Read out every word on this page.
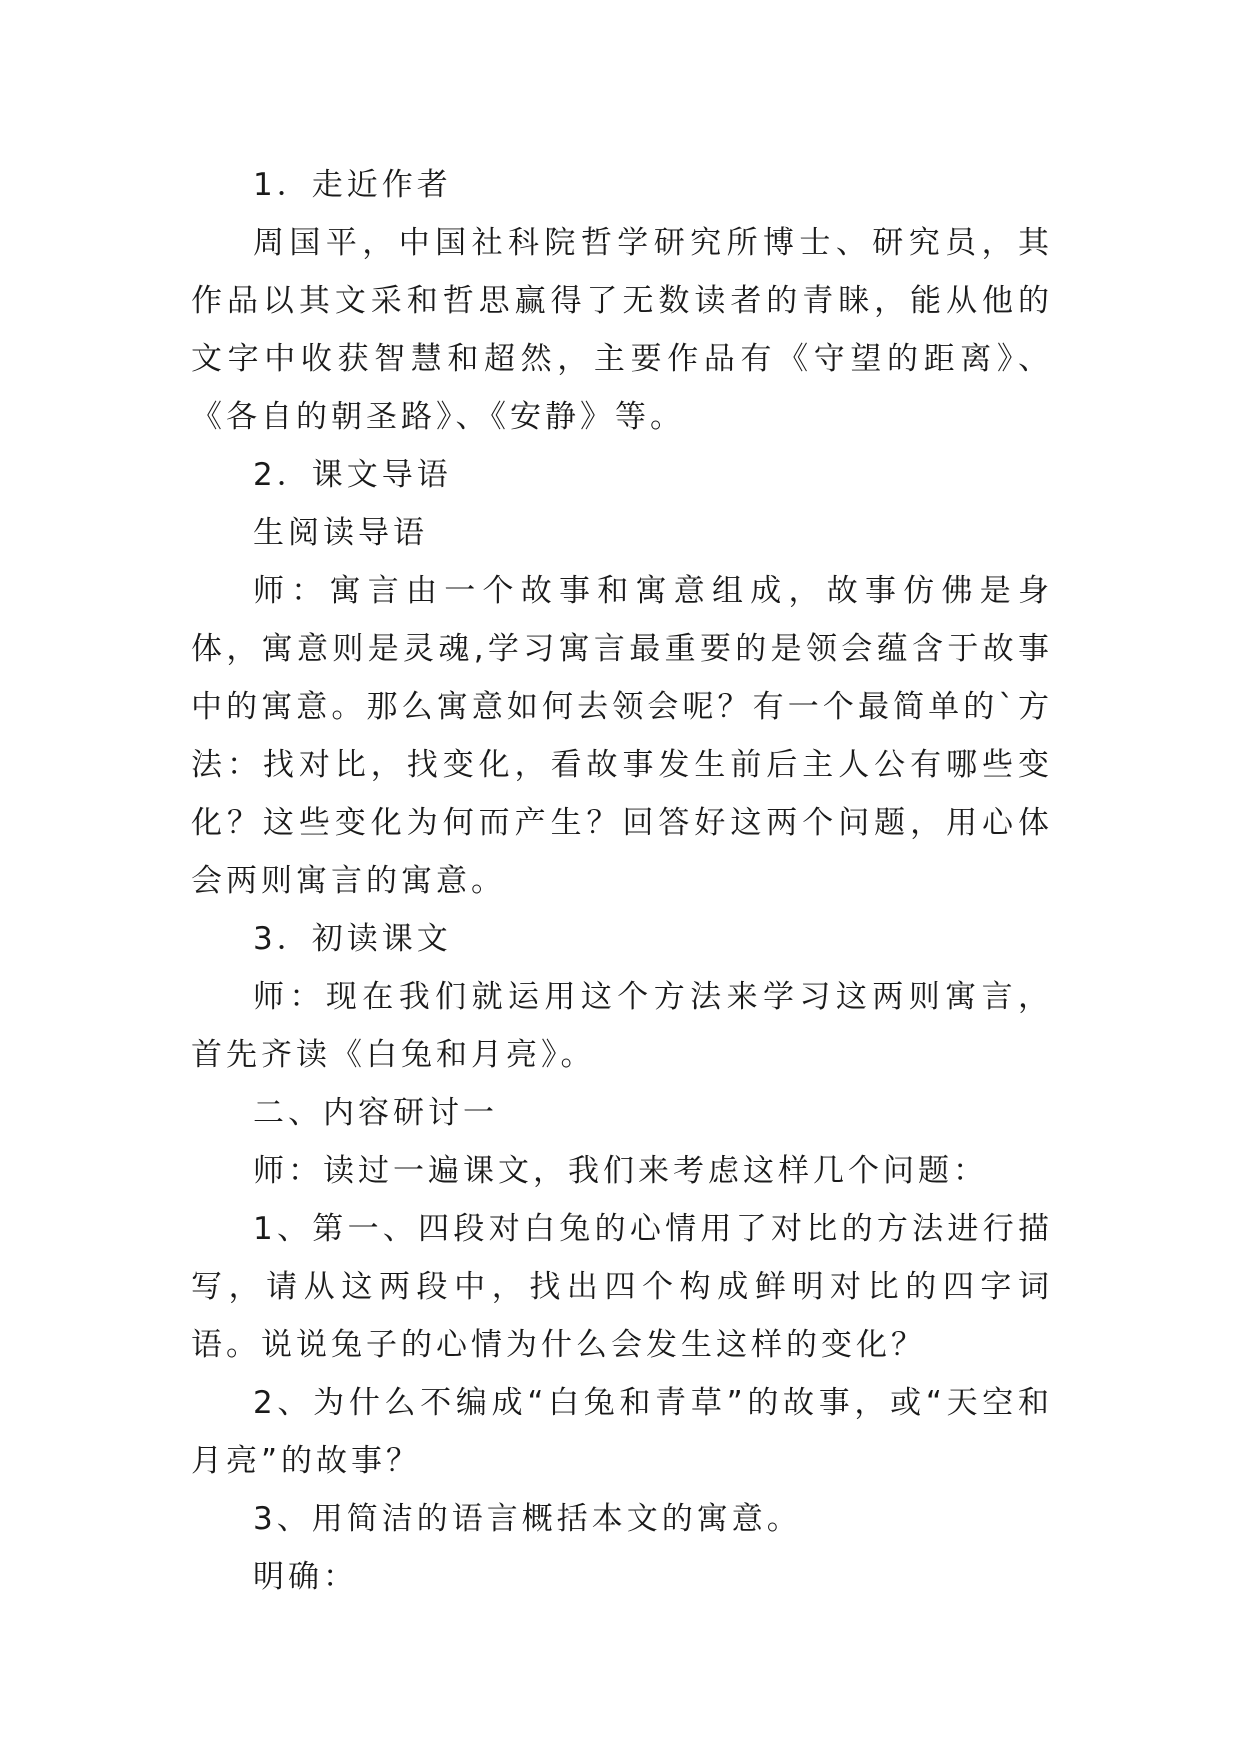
1．走近作者

周国平，中国社科院哲学研究所博士、研究员，其作品以其文采和哲思赢得了无数读者的青睐，能从他的文字中收获智慧和超然，主要作品有《守望的距离》、《各自的朝圣路》、《安静》等。

2．课文导语

生阅读导语

师：寓言由一个故事和寓意组成，故事仿佛是身体，寓意则是灵魂,学习寓言最重要的是领会蕴含于故事中的寓意。那么寓意如何去领会呢？有一个最简单的`方法：找对比，找变化，看故事发生前后主人公有哪些变化？这些变化为何而产生？回答好这两个问题，用心体会两则寓言的寓意。

3．初读课文

师：现在我们就运用这个方法来学习这两则寓言，首先齐读《白兔和月亮》。

二、内容研讨一

师：读过一遍课文，我们来考虑这样几个问题：

1、第一、四段对白兔的心情用了对比的方法进行描写，请从这两段中，找出四个构成鲜明对比的四字词语。说说兔子的心情为什么会发生这样的变化？

2、为什么不编成“白兔和青草”的故事，或“天空和月亮”的故事？

3、用简洁的语言概括本文的寓意。

明确：
